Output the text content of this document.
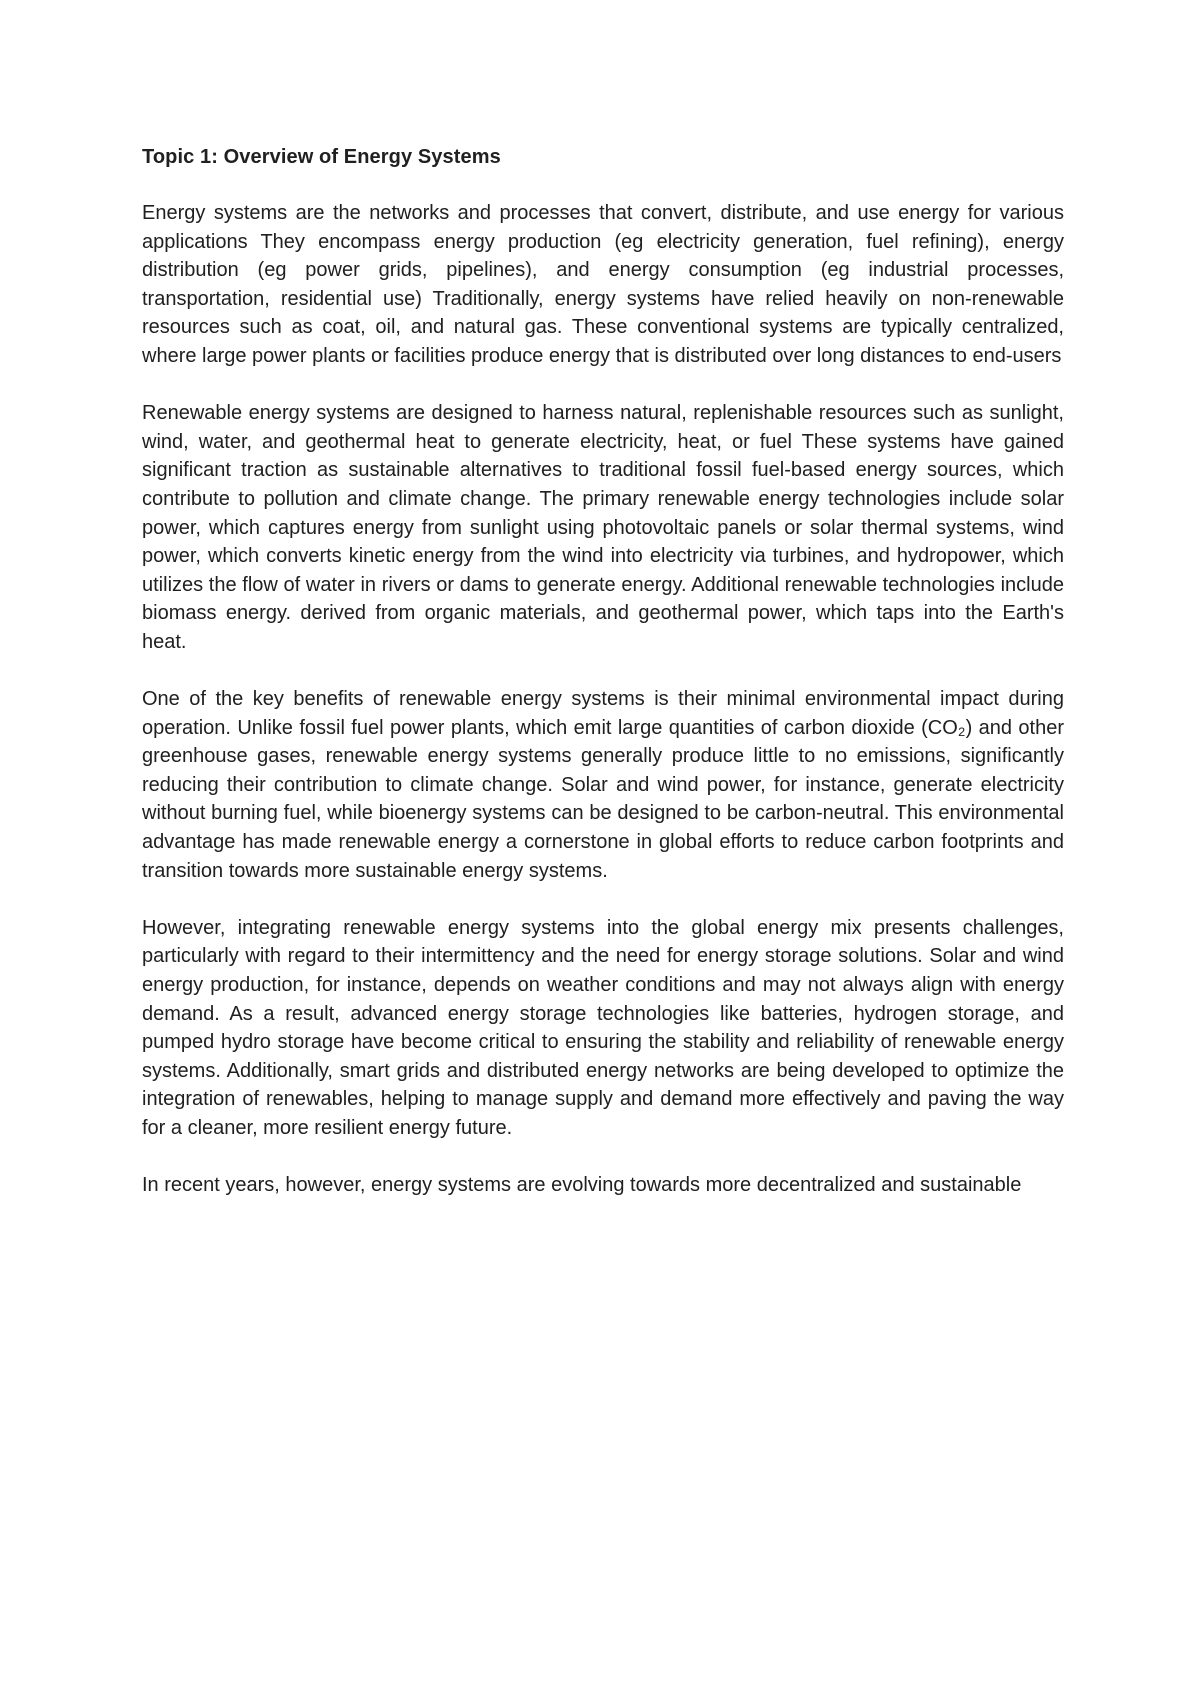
Topic 1: Overview of Energy Systems

Energy systems are the networks and processes that convert, distribute, and use energy for various applications They encompass energy production (eg electricity generation, fuel refining), energy distribution (eg power grids, pipelines), and energy consumption (eg industrial processes, transportation, residential use) Traditionally, energy systems have relied heavily on non-renewable resources such as coat, oil, and natural gas. These conventional systems are typically centralized, where large power plants or facilities produce energy that is distributed over long distances to end-users

Renewable energy systems are designed to harness natural, replenishable resources such as sunlight, wind, water, and geothermal heat to generate electricity, heat, or fuel These systems have gained significant traction as sustainable alternatives to traditional fossil fuel-based energy sources, which contribute to pollution and climate change. The primary renewable energy technologies include solar power, which captures energy from sunlight using photovoltaic panels or solar thermal systems, wind power, which converts kinetic energy from the wind into electricity via turbines, and hydropower, which utilizes the flow of water in rivers or dams to generate energy. Additional renewable technologies include biomass energy. derived from organic materials, and geothermal power, which taps into the Earth's heat.

One of the key benefits of renewable energy systems is their minimal environmental impact during operation. Unlike fossil fuel power plants, which emit large quantities of carbon dioxide (CO₂) and other greenhouse gases, renewable energy systems generally produce little to no emissions, significantly reducing their contribution to climate change. Solar and wind power, for instance, generate electricity without burning fuel, while bioenergy systems can be designed to be carbon-neutral. This environmental advantage has made renewable energy a cornerstone in global efforts to reduce carbon footprints and transition towards more sustainable energy systems.

However, integrating renewable energy systems into the global energy mix presents challenges, particularly with regard to their intermittency and the need for energy storage solutions. Solar and wind energy production, for instance, depends on weather conditions and may not always align with energy demand. As a result, advanced energy storage technologies like batteries, hydrogen storage, and pumped hydro storage have become critical to ensuring the stability and reliability of renewable energy systems. Additionally, smart grids and distributed energy networks are being developed to optimize the integration of renewables, helping to manage supply and demand more effectively and paving the way for a cleaner, more resilient energy future.

In recent years, however, energy systems are evolving towards more decentralized and sustainable
